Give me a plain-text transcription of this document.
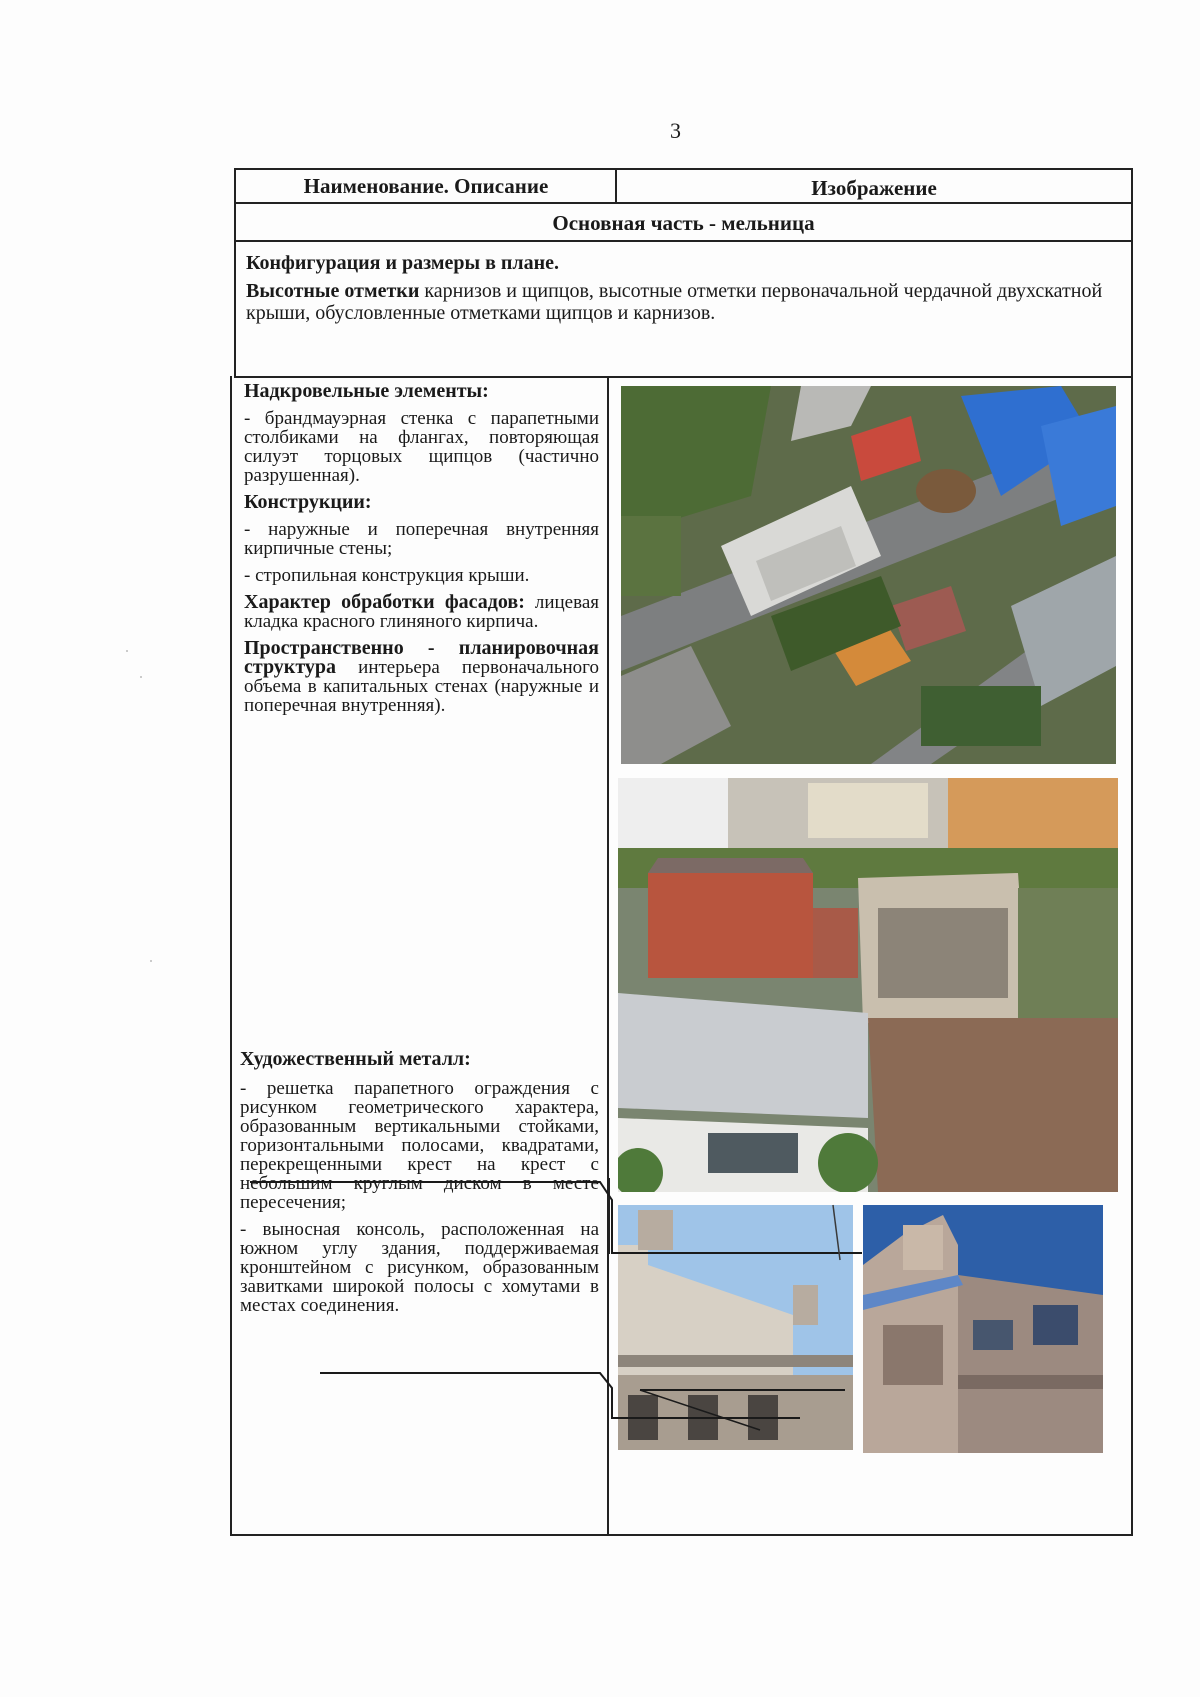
3
Наименование. Описание	Изображение
Основная часть - мельница
Конфигурация и размеры в плане.
Высотные отметки карнизов и щипцов, высотные отметки первоначальной чердачной двухскатной крыши, обусловленные отметками щипцов и карнизов.
Надкровельные элементы:
- брандмауэрная стенка с парапетными столбиками на флангах, повторяющая силуэт торцовых щипцов (частично разрушенная).
Конструкции:
- наружные и поперечная внутренняя кирпичные стены;
- стропильная конструкция крыши.
Характер обработки фасадов: лицевая кладка красного глиняного кирпича.
Пространственно - планировочная структура интерьера первоначального объема в капитальных стенах (наружные и поперечная внутренняя).
Художественный металл:
- решетка парапетного ограждения с рисунком геометрического характера, образованным вертикальными стойками, горизонтальными полосами, квадратами, перекрещенными крест на крест с небольшим круглым диском в месте пересечения;
- выносная консоль, расположенная на южном углу здания, поддерживаемая кронштейном с рисунком, образованным завитками широкой полосы с хомутами в местах соединения.
